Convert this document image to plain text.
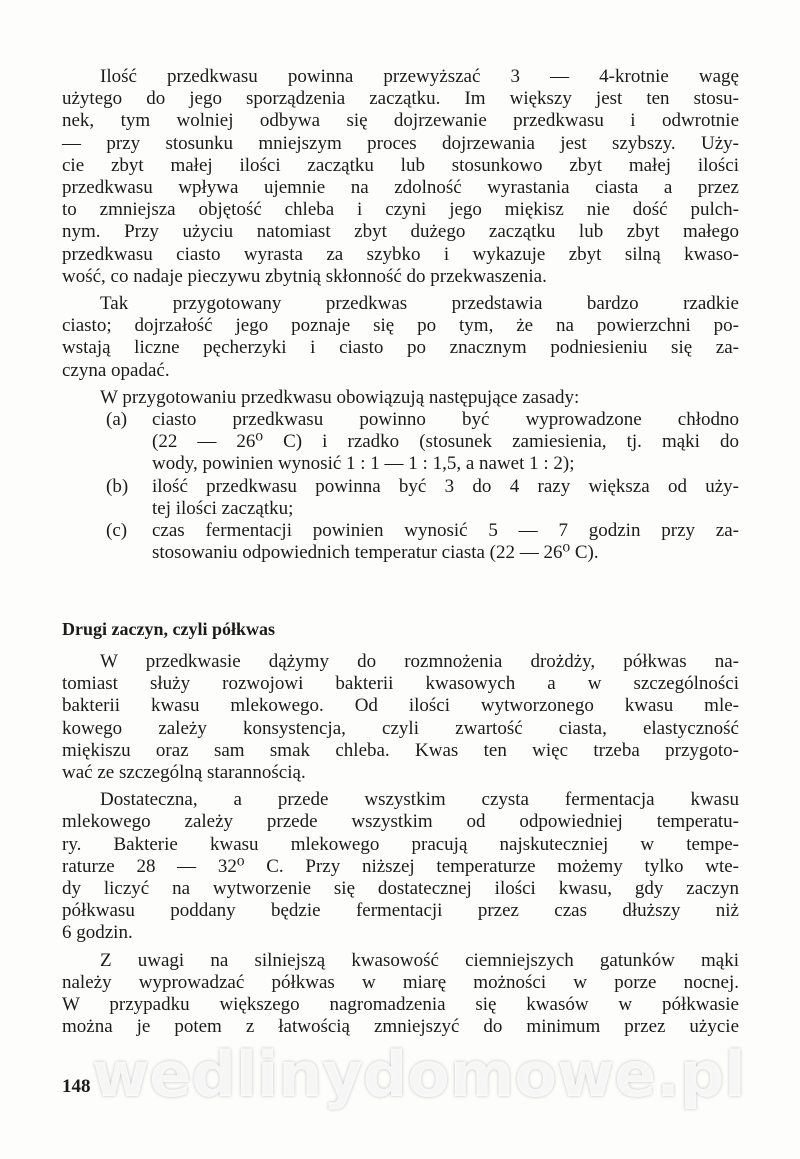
Ilość przedkwasu powinna przewyższać 3 — 4-krotnie wagę
użytego do jego sporządzenia zaczątku. Im większy jest ten stosu-
nek, tym wolniej odbywa się dojrzewanie przedkwasu i odwrotnie
— przy stosunku mniejszym proces dojrzewania jest szybszy. Uży-
cie zbyt małej ilości zaczątku lub stosunkowo zbyt małej ilości
przedkwasu wpływa ujemnie na zdolność wyrastania ciasta a przez
to zmniejsza objętość chleba i czyni jego miękisz nie dość pulch-
nym. Przy użyciu natomiast zbyt dużego zaczątku lub zbyt małego
przedkwasu ciasto wyrasta za szybko i wykazuje zbyt silną kwaso-
wość, co nadaje pieczywu zbytnią skłonność do przekwaszenia.
Tak przygotowany przedkwas przedstawia bardzo rzadkie
ciasto; dojrzałość jego poznaje się po tym, że na powierzchni po-
wstają liczne pęcherzyki i ciasto po znacznym podniesieniu się za-
czyna opadać.
W przygotowaniu przedkwasu obowiązują następujące zasady:
(a) ciasto przedkwasu powinno być wyprowadzone chłodno
(22 — 26⁰ C) i rzadko (stosunek zamiesienia, tj. mąki do
wody, powinien wynosić 1 : 1 — 1 : 1,5, a nawet 1 : 2);
(b) ilość przedkwasu powinna być 3 do 4 razy większa od uży-
tej ilości zaczątku;
(c) czas fermentacji powinien wynosić 5 — 7 godzin przy za-
stosowaniu odpowiednich temperatur ciasta (22 — 26⁰ C).
Drugi zaczyn, czyli półkwas
W przedkwasie dążymy do rozmnożenia drożdży, półkwas na-
tomiast służy rozwojowi bakterii kwasowych a w szczególności
bakterii kwasu mlekowego. Od ilości wytworzonego kwasu mle-
kowego zależy konsystencja, czyli zwartość ciasta, elastyczność
miękiszu oraz sam smak chleba. Kwas ten więc trzeba przygoto-
wać ze szczególną starannością.
Dostateczna, a przede wszystkim czysta fermentacja kwasu
mlekowego zależy przede wszystkim od odpowiedniej temperatu-
ry. Bakterie kwasu mlekowego pracują najskuteczniej w tempe-
raturze 28 — 32⁰ C. Przy niższej temperaturze możemy tylko wte-
dy liczyć na wytworzenie się dostatecznej ilości kwasu, gdy zaczyn
półkwasu poddany będzie fermentacji przez czas dłuższy niż
6 godzin.
Z uwagi na silniejszą kwasowość ciemniejszych gatunków mąki
należy wyprowadzać półkwas w miarę możności w porze nocnej.
W przypadku większego nagromadzenia się kwasów w półkwasie
można je potem z łatwością zmniejszyć do minimum przez użycie
wedlinydomowe.pl
148
